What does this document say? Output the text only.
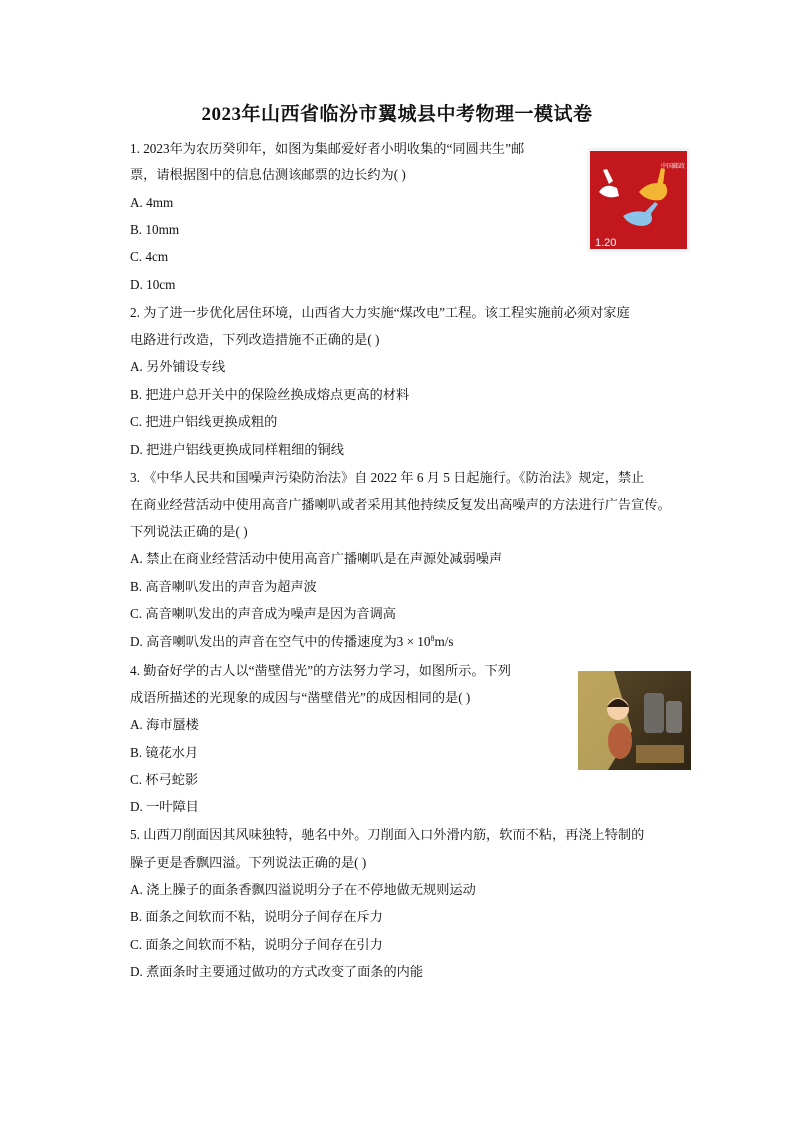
2023年山西省临汾市翼城县中考物理一模试卷
1. 2023年为农历癸卯年，如图为集邮爱好者小明收集的“同圆共生”邮
票，请根据图中的信息估测该邮票的边长约为( )
A. 4mm
B. 10mm
C. 4cm
D. 10cm
中国邮政
1.20
2. 为了进一步优化居住环境，山西省大力实施“煤改电”工程。该工程实施前必须对家庭
电路进行改造，下列改造措施不正确的是( )
A. 另外铺设专线
B. 把进户总开关中的保险丝换成熔点更高的材料
C. 把进户铝线更换成粗的
D. 把进户铝线更换成同样粗细的铜线
3. 《中华人民共和国噪声污染防治法》自 2022 年 6 月 5 日起施行。《防治法》规定，禁止
在商业经营活动中使用高音广播喇叭或者采用其他持续反复发出高噪声的方法进行广告宣传。
下列说法正确的是( )
A. 禁止在商业经营活动中使用高音广播喇叭是在声源处减弱噪声
B. 高音喇叭发出的声音为超声波
C. 高音喇叭发出的声音成为噪声是因为音调高
D. 高音喇叭发出的声音在空气中的传播速度为$3 \times 10^8m/s$
4. 勤奋好学的古人以“凿壁借光”的方法努力学习，如图所示。下列
成语所描述的光现象的成因与“凿壁借光”的成因相同的是( )
A. 海市蜃楼
B. 镜花水月
C. 杯弓蛇影
D. 一叶障目
5. 山西刀削面因其风味独特，驰名中外。刀削面入口外滑内筋，软而不粘，再浇上特制的
臊子更是香飘四溢。下列说法正确的是( )
A. 浇上臊子的面条香飘四溢说明分子在不停地做无规则运动
B. 面条之间软而不粘，说明分子间存在斥力
C. 面条之间软而不粘，说明分子间存在引力
D. 煮面条时主要通过做功的方式改变了面条的内能
